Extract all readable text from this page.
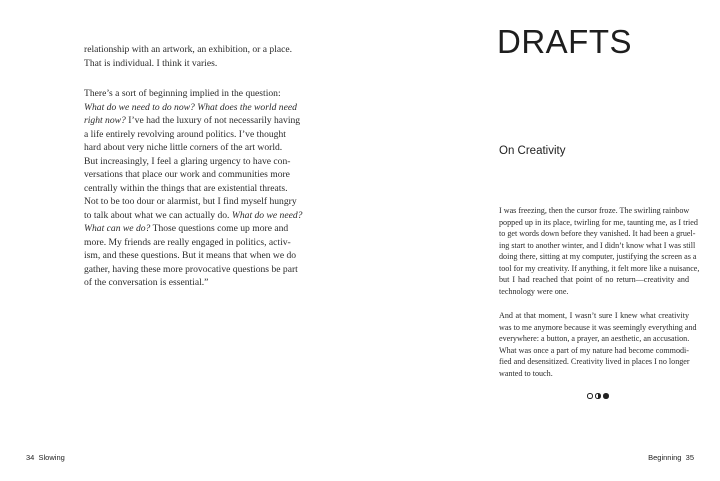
relationship with an artwork, an exhibition, or a place.
That is individual. I think it varies.
There’s a sort of beginning implied in the question:
What do we need to do now? What does the world need
right now? I’ve had the luxury of not necessarily having
a life entirely revolving around politics. I’ve thought
hard about very niche little corners of the art world.
But increasingly, I feel a glaring urgency to have con-
versations that place our work and communities more
centrally within the things that are existential threats.
Not to be too dour or alarmist, but I find myself hungry
to talk about what we can actually do. What do we need?
What can we do? Those questions come up more and
more. My friends are really engaged in politics, activ-
ism, and these questions. But it means that when we do
gather, having these more provocative questions be part
of the conversation is essential.”
DRAFTS
On Creativity
I was freezing, then the cursor froze. The swirling rainbow
popped up in its place, twirling for me, taunting me, as I tried
to get words down before they vanished. It had been a gruel-
ing start to another winter, and I didn’t know what I was still
doing there, sitting at my computer, justifying the screen as a
tool for my creativity. If anything, it felt more like a nuisance,
but I had reached that point of no return—creativity and
technology were one.
And at that moment, I wasn’t sure I knew what creativity
was to me anymore because it was seemingly everything and
everywhere: a button, a prayer, an aesthetic, an accusation.
What was once a part of my nature had become commodi-
fied and desensitized. Creativity lived in places I no longer
wanted to touch.
34 Slowing	Beginning 35
